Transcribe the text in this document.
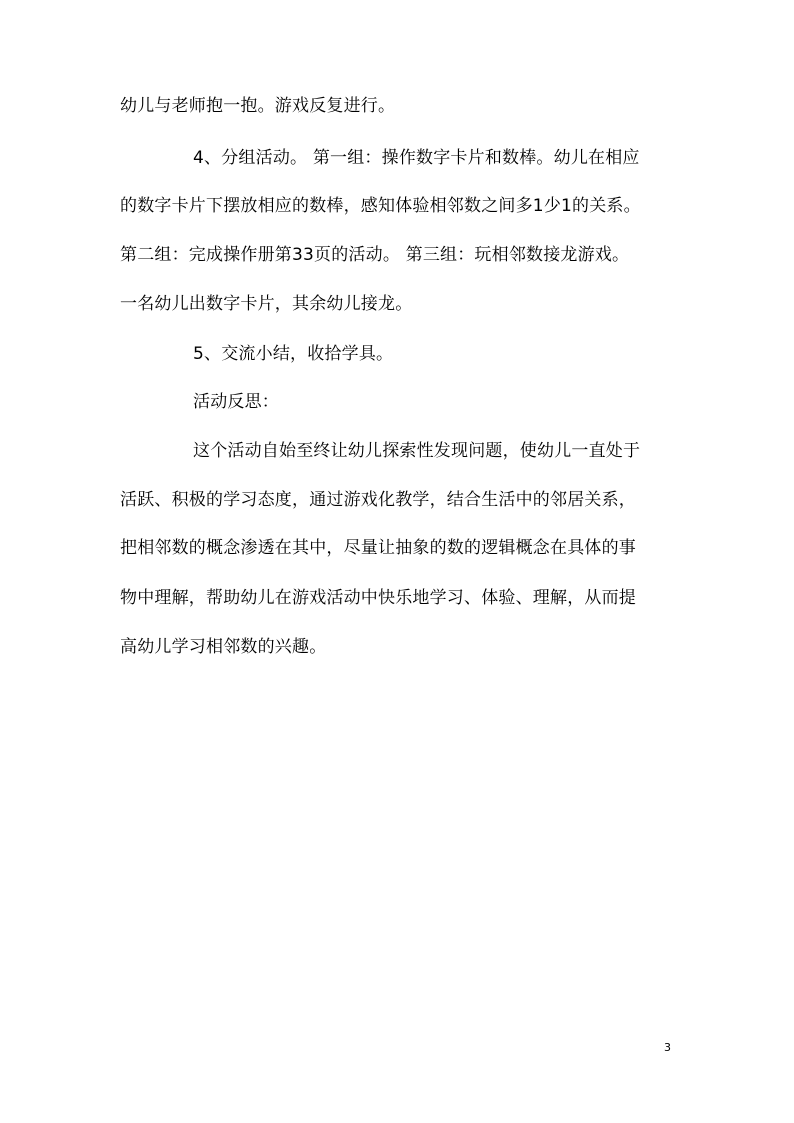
幼儿与老师抱一抱。游戏反复进行。
4、分组活动。 第一组：操作数字卡片和数棒。幼儿在相应
的数字卡片下摆放相应的数棒，感知体验相邻数之间多1少1的关系。
第二组：完成操作册第33页的活动。 第三组：玩相邻数接龙游戏。
一名幼儿出数字卡片，其余幼儿接龙。
5、交流小结，收拾学具。
活动反思：
这个活动自始至终让幼儿探索性发现问题，使幼儿一直处于
活跃、积极的学习态度，通过游戏化教学，结合生活中的邻居关系，
把相邻数的概念渗透在其中，尽量让抽象的数的逻辑概念在具体的事
物中理解，帮助幼儿在游戏活动中快乐地学习、体验、理解，从而提
高幼儿学习相邻数的兴趣。
3
